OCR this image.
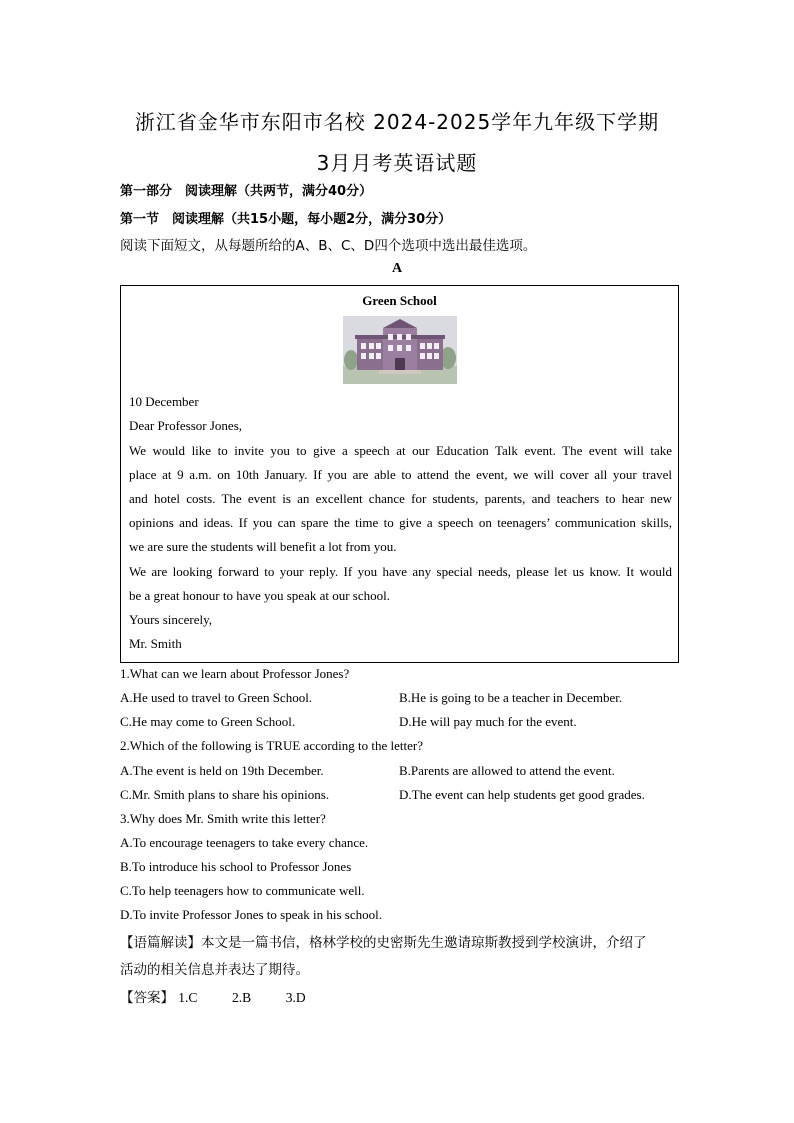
浙江省金华市东阳市名校 2024-2025学年九年级下学期
3月月考英语试题
第一部分　阅读理解（共两节，满分40分）
第一节　阅读理解（共15小题，每小题2分，满分30分）
阅读下面短文，从每题所给的A、B、C、D四个选项中选出最佳选项。
A
Green School
10 December
Dear Professor Jones,
We would like to invite you to give a speech at our Education Talk event. The event will take
place at 9 a.m. on 10th January. If you are able to attend the event, we will cover all your travel
and hotel costs. The event is an excellent chance for students, parents, and teachers to hear new
opinions and ideas. If you can spare the time to give a speech on teenagers’ communication skills,
we are sure the students will benefit a lot from you.
We are looking forward to your reply. If you have any special needs, please let us know. It would
be a great honour to have you speak at our school.
Yours sincerely,
Mr. Smith
1.What can we learn about Professor Jones?
A.He used to travel to Green School.	B.He is going to be a teacher in December.
C.He may come to Green School.	D.He will pay much for the event.
2.Which of the following is TRUE according to the letter?
A.The event is held on 19th December.	B.Parents are allowed to attend the event.
C.Mr. Smith plans to share his opinions.	D.The event can help students get good grades.
3.Why does Mr. Smith write this letter?
A.To encourage teenagers to take every chance.
B.To introduce his school to Professor Jones
C.To help teenagers how to communicate well.
D.To invite Professor Jones to speak in his school.
【语篇解读】本文是一篇书信，格林学校的史密斯先生邀请琼斯教授到学校演讲，介绍了
活动的相关信息并表达了期待。
【答案】 1.C	2.B	3.D
